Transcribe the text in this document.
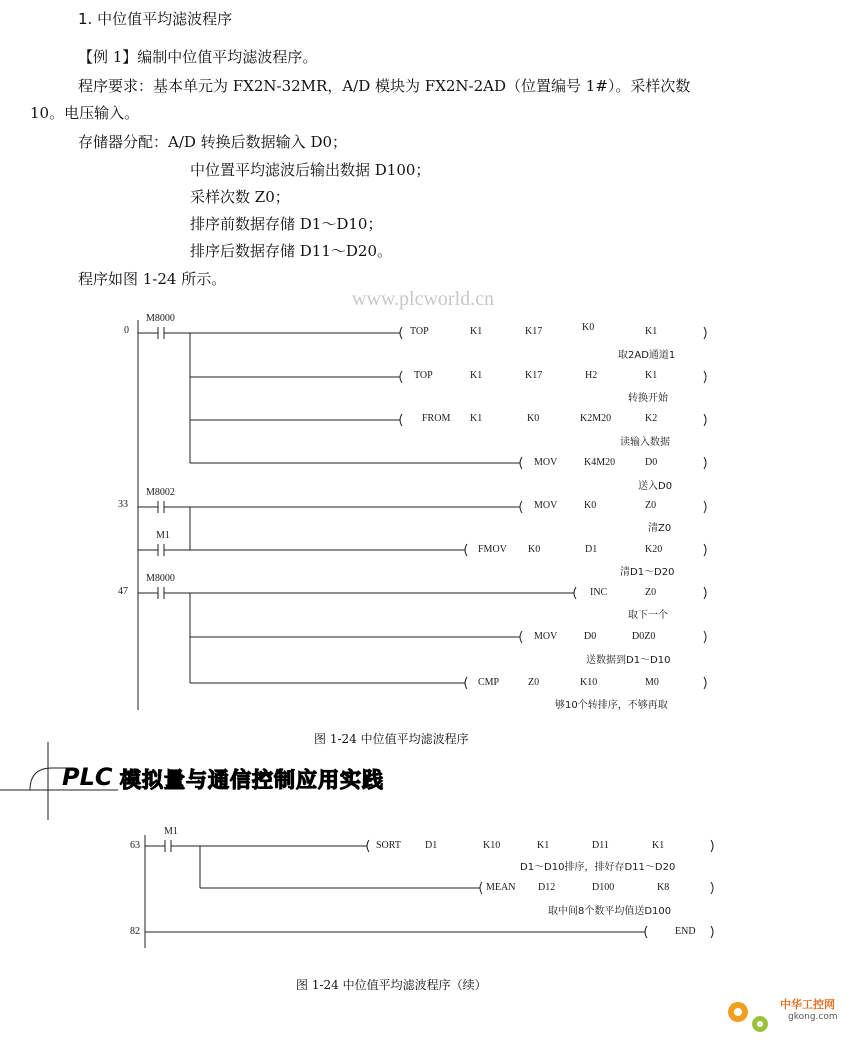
1. 中位值平均滤波程序
【例 1】编制中位值平均滤波程序。
程序要求：基本单元为 FX2N-32MR，A/D 模块为 FX2N-2AD（位置编号 1#）。采样次数
10。电压输入。
存储器分配：A/D 转换后数据输入 D0；
中位置平均滤波后输出数据 D100；
采样次数 Z0；
排序前数据存储 D1～D10；
排序后数据存储 D11～D20。
程序如图 1-24 所示。
www.plcworld.cn
0
33
47
M8000
M8002
M1
M8000
TOP	K1	K17	K0	K1
取2AD通道1
TOP	K1	K17	H2	K1
转换开始
FROM K1	K0	K2M20	K2
读输入数据
MOV	K4M20	D0
送入D0
MOV	K0	Z0
清Z0
FMOV K0	D1	K20
清D1～D20
INC	Z0
取下一个
MOV	D0	D0Z0
送数据到D1～D10
CMP	Z0	K10	M0
够10个转排序，不够再取
图 1-24 中位值平均滤波程序
PLC 模拟量与通信控制应用实践
63
82
M1
SORT D1	K10	K1	D11	K1
D1～D10排序，排好存D11～D20
MEAN D12	D100	K8
取中间8个数平均值送D100
END
图 1-24 中位值平均滤波程序（续）
中华工控网
gkong.com
